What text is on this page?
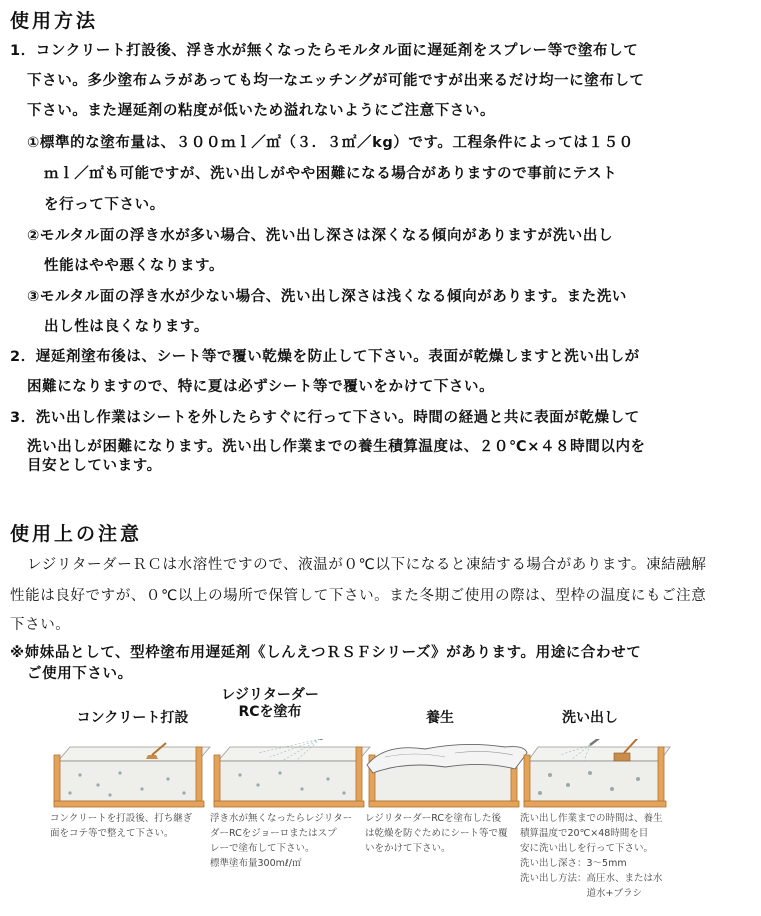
使用方法
1．コンクリート打設後、浮き水が無くなったらモルタル面に遅延剤をスプレー等で塗布して
下さい。多少塗布ムラがあっても均一なエッチングが可能ですが出来るだけ均一に塗布して
下さい。また遅延剤の粘度が低いため溢れないようにご注意下さい。
①標準的な塗布量は、３００ｍｌ／㎡（３．３㎡／kg）です。工程条件によっては１５０
ｍｌ／㎡も可能ですが、洗い出しがやや困難になる場合がありますので事前にテスト
を行って下さい。
②モルタル面の浮き水が多い場合、洗い出し深さは深くなる傾向がありますが洗い出し
性能はやや悪くなります。
③モルタル面の浮き水が少ない場合、洗い出し深さは浅くなる傾向があります。また洗い
出し性は良くなります。
2．遅延剤塗布後は、シート等で覆い乾燥を防止して下さい。表面が乾燥しますと洗い出しが
困難になりますので、特に夏は必ずシート等で覆いをかけて下さい。
3．洗い出し作業はシートを外したらすぐに行って下さい。時間の経過と共に表面が乾燥して
洗い出しが困難になります。洗い出し作業までの養生積算温度は、２０℃×４８時間以内を
目安としています。
使用上の注意
レジリターダーＲＣは水溶性ですので、液温が０℃以下になると凍結する場合があります。凍結融解
性能は良好ですが、０℃以上の場所で保管して下さい。また冬期ご使用の際は、型枠の温度にもご注意
下さい。
※姉妹品として、型枠塗布用遅延剤《しんえつＲＳＦシリーズ》があります。用途に合わせて
ご使用下さい。
コンクリート打設
コンクリートを打設後、打ち継ぎ
面をコテ等で整えて下さい。
レジリターダー
RCを塗布
浮き水が無くなったらレジリター
ダーRCをジョーロまたはスプ
レーで塗布して下さい。
標準塗布量300mℓ/㎡
養生
レジリターダーRCを塗布した後
は乾燥を防ぐためにシート等で覆
いをかけて下さい。
洗い出し
洗い出し作業までの時間は、養生
積算温度で20℃×48時間を目
安に洗い出しを行って下さい。
洗い出し深さ：3～5mm
洗い出し方法：高圧水、または水
　　　　　　　道水+ブラシ
